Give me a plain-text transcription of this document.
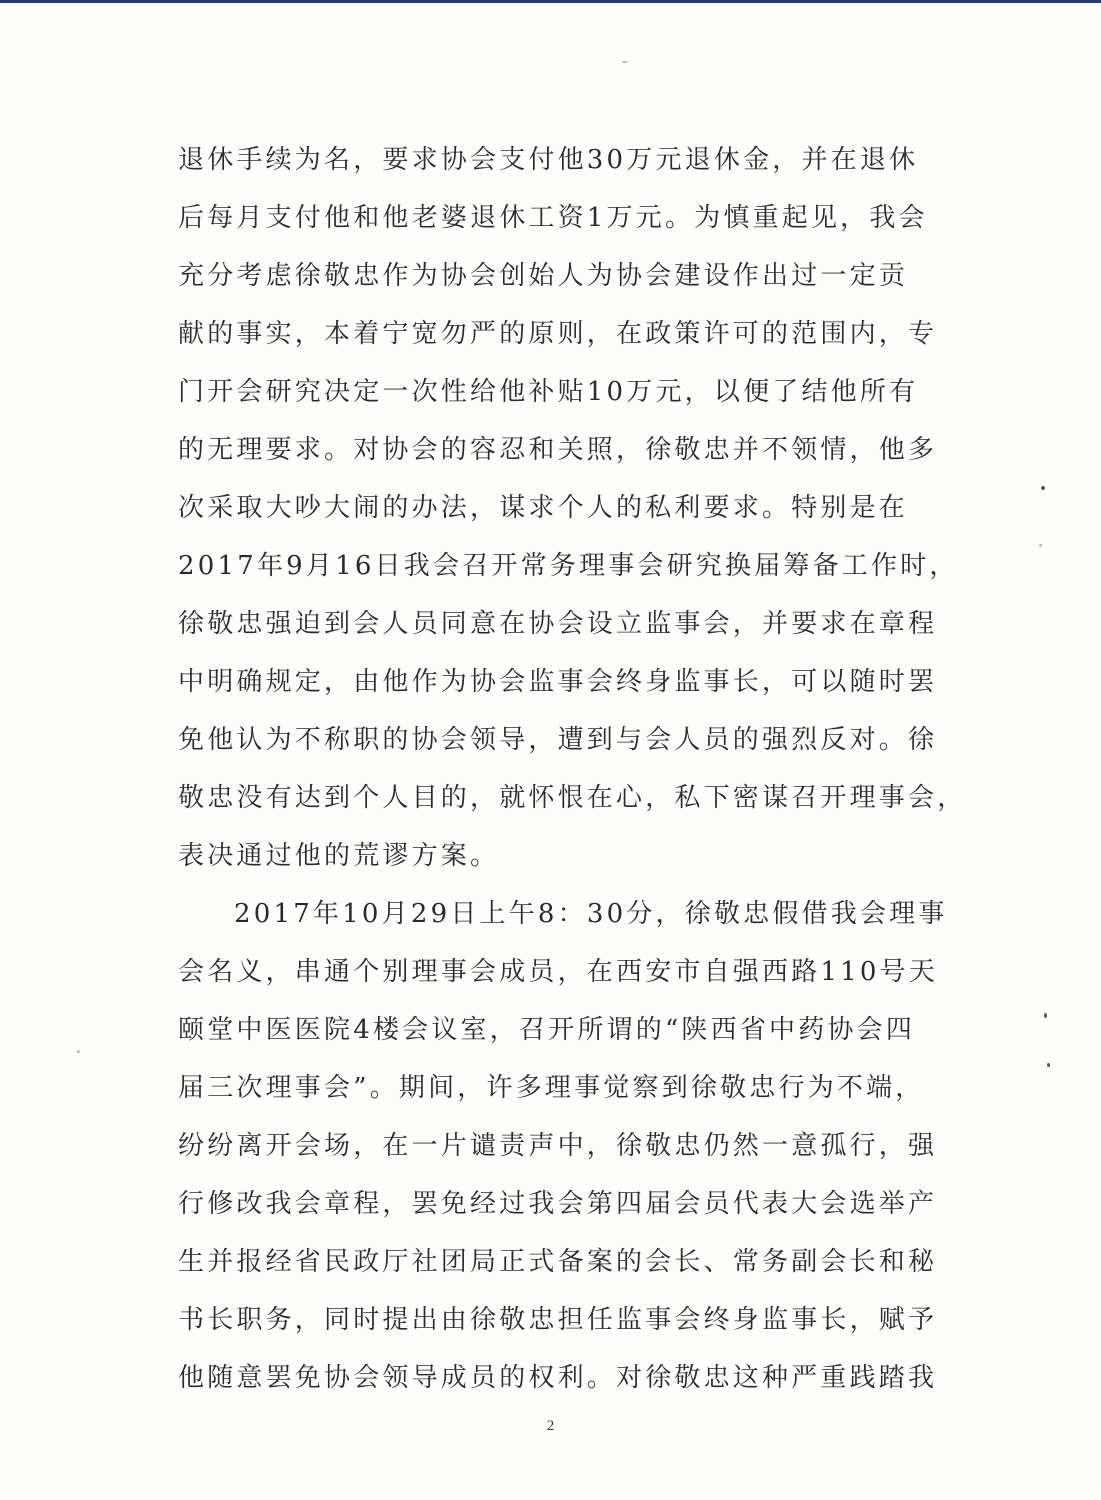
退休手续为名，要求协会支付他30万元退休金，并在退休
后每月支付他和他老婆退休工资1万元。为慎重起见，我会
充分考虑徐敬忠作为协会创始人为协会建设作出过一定贡
献的事实，本着宁宽勿严的原则，在政策许可的范围内，专
门开会研究决定一次性给他补贴10万元，以便了结他所有
的无理要求。对协会的容忍和关照，徐敬忠并不领情，他多
次采取大吵大闹的办法，谋求个人的私利要求。特别是在
2017年9月16日我会召开常务理事会研究换届筹备工作时，
徐敬忠强迫到会人员同意在协会设立监事会，并要求在章程
中明确规定，由他作为协会监事会终身监事长，可以随时罢
免他认为不称职的协会领导，遭到与会人员的强烈反对。徐
敬忠没有达到个人目的，就怀恨在心，私下密谋召开理事会，
表决通过他的荒谬方案。
2017年10月29日上午8：30分，徐敬忠假借我会理事
会名义，串通个别理事会成员，在西安市自强西路110号天
颐堂中医医院4楼会议室，召开所谓的“陕西省中药协会四
届三次理事会”。期间，许多理事觉察到徐敬忠行为不端，
纷纷离开会场，在一片谴责声中，徐敬忠仍然一意孤行，强
行修改我会章程，罢免经过我会第四届会员代表大会选举产
生并报经省民政厅社团局正式备案的会长、常务副会长和秘
书长职务，同时提出由徐敬忠担任监事会终身监事长，赋予
他随意罢免协会领导成员的权利。对徐敬忠这种严重践踏我
2
